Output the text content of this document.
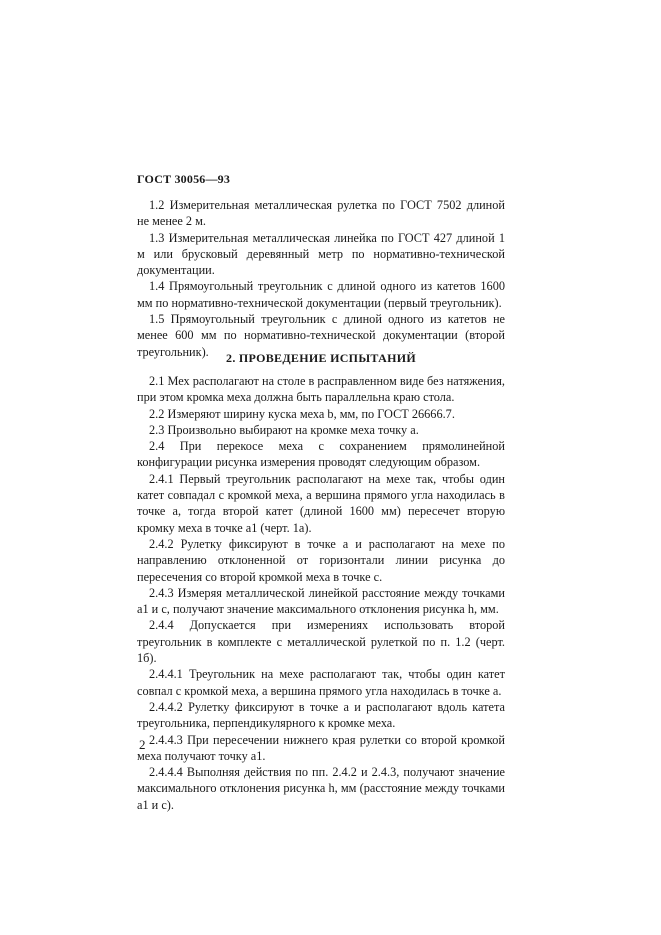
ГОСТ 30056—93

1.2 Измерительная металлическая рулетка по ГОСТ 7502 длиной не менее 2 м.

1.3 Измерительная металлическая линейка по ГОСТ 427 длиной 1 м или брусковый деревянный метр по нормативно-технической документации.

1.4 Прямоугольный треугольник с длиной одного из катетов 1600 мм по нормативно-технической документации (первый треугольник).

1.5 Прямоугольный треугольник с длиной одного из катетов не менее 600 мм по нормативно-технической документации (второй треугольник).	2. ПРОВЕДЕНИЕ ИСПЫТАНИЙ

2.1 Мех располагают на столе в расправленном виде без натяжения, при этом кромка меха должна быть параллельна краю стола.

2.2 Измеряют ширину куска меха b, мм, по ГОСТ 26666.7.

2.3 Произвольно выбирают на кромке меха точку a.

2.4 При перекосе меха с сохранением прямолинейной конфигурации рисунка измерения проводят следующим образом.

2.4.1 Первый треугольник располагают на мехе так, чтобы один катет совпадал с кромкой меха, а вершина прямого угла находилась в точке a, тогда второй катет (длиной 1600 мм) пересечет вторую кромку меха в точке a1 (черт. 1а).

2.4.2 Рулетку фиксируют в точке a и располагают на мехе по направлению отклоненной от горизонтали линии рисунка до пересечения со второй кромкой меха в точке c.

2.4.3 Измеряя металлической линейкой расстояние между точками a1 и c, получают значение максимального отклонения рисунка h, мм.

2.4.4 Допускается при измерениях использовать второй треугольник в комплекте с металлической рулеткой по п. 1.2 (черт. 1б).

2.4.4.1 Треугольник на мехе располагают так, чтобы один катет совпал с кромкой меха, а вершина прямого угла находилась в точке a.

2.4.4.2 Рулетку фиксируют в точке a и располагают вдоль катета треугольника, перпендикулярного к кромке меха.

2.4.4.3 При пересечении нижнего края рулетки со второй кромкой меха получают точку a1.

2.4.4.4 Выполняя действия по пп. 2.4.2 и 2.4.3, получают значение максимального отклонения рисунка h, мм (расстояние между точками a1 и c).

2
